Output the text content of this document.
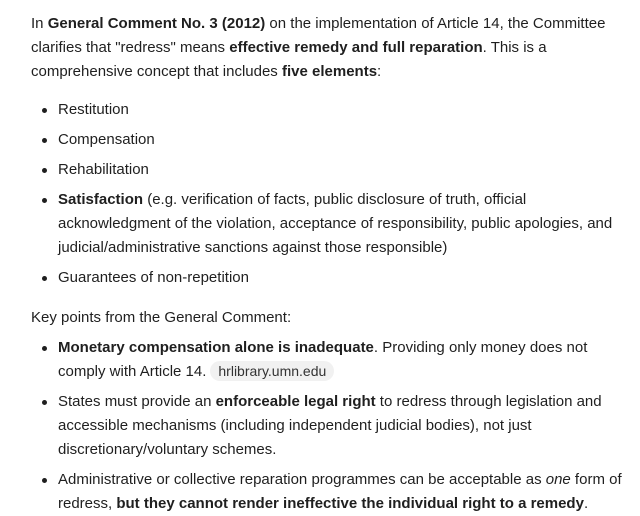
In General Comment No. 3 (2012) on the implementation of Article 14, the Committee clarifies that "redress" means effective remedy and full reparation. This is a comprehensive concept that includes five elements:

Restitution
Compensation
Rehabilitation
Satisfaction (e.g. verification of facts, public disclosure of truth, official acknowledgment of the violation, acceptance of responsibility, public apologies, and judicial/administrative sanctions against those responsible)
Guarantees of non-repetition

Key points from the General Comment:

Monetary compensation alone is inadequate. Providing only money does not comply with Article 14. hrlibrary.umn.edu
States must provide an enforceable legal right to redress through legislation and accessible mechanisms (including independent judicial bodies), not just discretionary/voluntary schemes.
Administrative or collective reparation programmes can be acceptable as one form of redress, but they cannot render ineffective the individual right to a remedy.
